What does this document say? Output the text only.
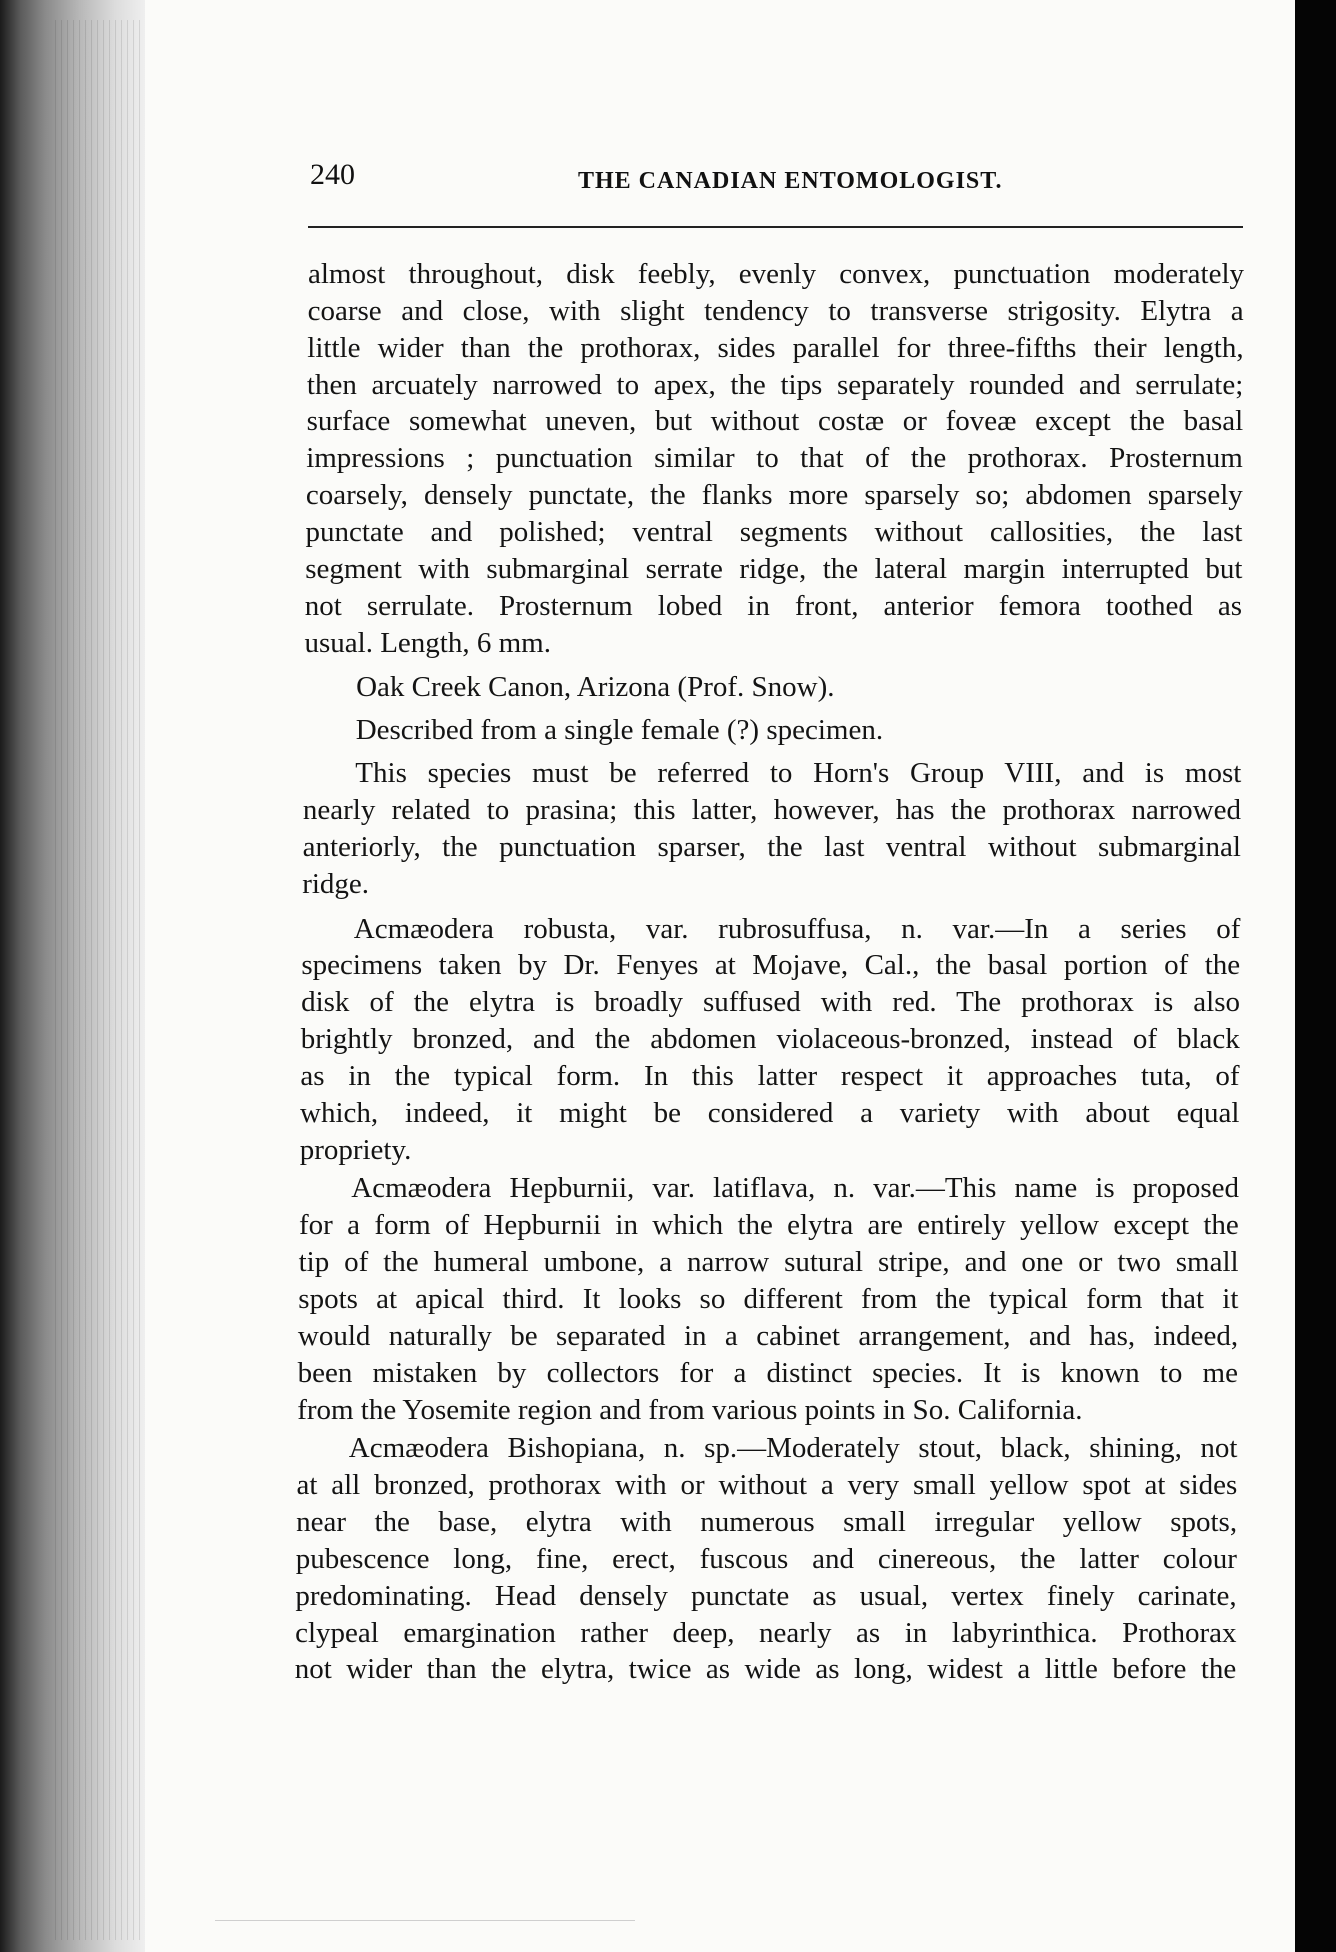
240	THE CANADIAN ENTOMOLOGIST.
almost throughout, disk feebly, evenly convex, punctuation moderately
coarse and close, with slight tendency to transverse strigosity. Elytra a
little wider than the prothorax, sides parallel for three-fifths their length,
then arcuately narrowed to apex, the tips separately rounded and serrulate;
surface somewhat uneven, but without costæ or foveæ except the basal
impressions ; punctuation similar to that of the prothorax. Prosternum
coarsely, densely punctate, the flanks more sparsely so; abdomen sparsely
punctate and polished; ventral segments without callosities, the last
segment with submarginal serrate ridge, the lateral margin interrupted but
not serrulate. Prosternum lobed in front, anterior femora toothed as
usual. Length, 6 mm.
Oak Creek Canon, Arizona (Prof. Snow).
Described from a single female (?) specimen.
This species must be referred to Horn's Group VIII, and is most
nearly related to prasina; this latter, however, has the prothorax narrowed
anteriorly, the punctuation sparser, the last ventral without submarginal
ridge.
Acmæodera robusta, var. rubrosuffusa, n. var.—In a series of
specimens taken by Dr. Fenyes at Mojave, Cal., the basal portion of the
disk of the elytra is broadly suffused with red. The prothorax is also
brightly bronzed, and the abdomen violaceous-bronzed, instead of black
as in the typical form. In this latter respect it approaches tuta, of
which, indeed, it might be considered a variety with about equal
propriety.
Acmæodera Hepburnii, var. latiflava, n. var.—This name is proposed
for a form of Hepburnii in which the elytra are entirely yellow except the
tip of the humeral umbone, a narrow sutural stripe, and one or two small
spots at apical third. It looks so different from the typical form that it
would naturally be separated in a cabinet arrangement, and has, indeed,
been mistaken by collectors for a distinct species. It is known to me
from the Yosemite region and from various points in So. California.
Acmæodera Bishopiana, n. sp.—Moderately stout, black, shining, not
at all bronzed, prothorax with or without a very small yellow spot at sides
near the base, elytra with numerous small irregular yellow spots,
pubescence long, fine, erect, fuscous and cinereous, the latter colour
predominating. Head densely punctate as usual, vertex finely carinate,
clypeal emargination rather deep, nearly as in labyrinthica. Prothorax
not wider than the elytra, twice as wide as long, widest a little before the
